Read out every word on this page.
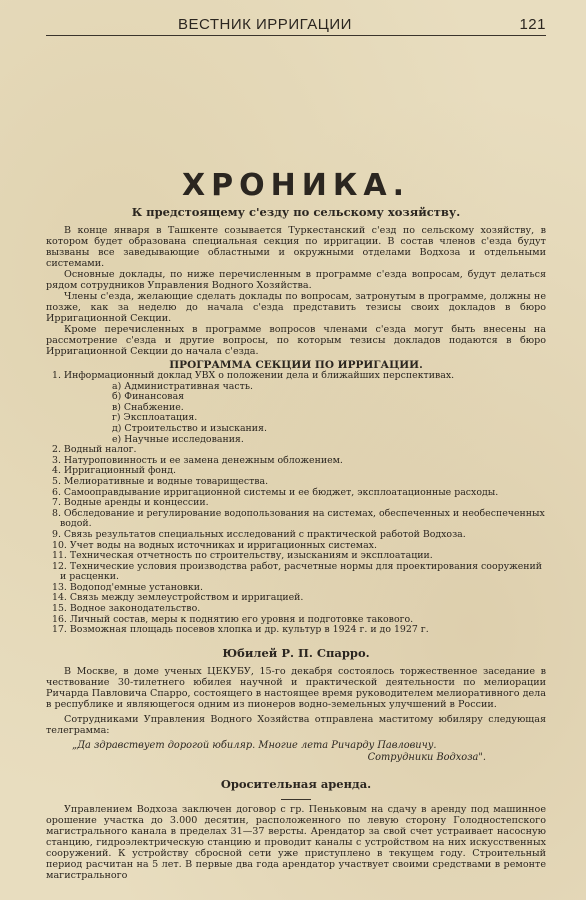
ВЕСТНИК ИРРИГАЦИИ	121
ХРОНИКА.
К предстоящему с'езду по сельскому хозяйству.

В конце января в Ташкенте созывается Туркестанский с'езд по сельскому хозяйству, в котором будет образована специальная секция по ирригации. В состав членов с'езда будут вызваны все заведывающие областными и окружными отделами Водхоза и отдельными системами.

Основные доклады, по ниже перечисленным в программе с'езда вопросам, будут делаться рядом сотрудников Управления Водного Хозяйства.

Члены с'езда, желающие сделать доклады по вопросам, затронутым в программе, должны не позже, как за неделю до начала с'езда представить тезисы своих докладов в бюро Ирригационной Секции.

Кроме перечисленных в программе вопросов членами с'езда могут быть внесены на рассмотрение с'езда и другие вопросы, по которым тезисы докладов подаются в бюро Ирригационной Секции до начала с'езда.

ПРОГРАММА СЕКЦИИ ПО ИРРИГАЦИИ.
1. Информационный доклад УВХ о положении дела и ближайших перспективах.
а) Административная часть.
б) Финансовая
в) Снабжение.
г) Эксплоатация.
д) Строительство и изыскания.
е) Научные исследования.
2. Водный налог.
3. Натуроповинность и ее замена денежным обложением.
4. Ирригационный фонд.
5. Мелиоративные и водные товарищества.
6. Самооправдывание ирригационной системы и ее бюджет, эксплоатационные расходы.
7. Водные аренды и концессии.
8. Обследование и регулирование водопользования на системах, обеспеченных и необеспеченных водой.
9. Связь результатов специальных исследований с практической работой Водхоза.
10. Учет воды на водных источниках и ирригационных системах.
11. Техническая отчетность по строительству, изысканиям и эксплоатации.
12. Технические условия производства работ, расчетные нормы для проектирования сооружений и расценки.
13. Водопод'емные установки.
14. Связь между землеустройством и ирригацией.
15. Водное законодательство.
16. Личный состав, меры к поднятию его уровня и подготовке такового.
17. Возможная площадь посевов хлопка и др. культур в 1924 г. и до 1927 г.
Юбилей Р. П. Спарро.

В Москве, в доме ученых ЦЕКУБУ, 15-го декабря состоялось торжественное заседание в чествование 30-тилетнего юбилея научной и практической деятельности по мелиорации Ричарда Павловича Спарро, состоящего в настоящее время руководителем мелиоративного дела в республике и являющегося одним из пионеров водно-земельных улучшений в России.

Сотрудниками Управления Водного Хозяйства отправлена маститому юбиляру следующая телеграмма:

„Да здравствует дорогой юбиляр. Многие лета Ричарду Павловичу.
Сотрудники Водхоза".
Оросительная аренда.

Управлением Водхоза заключен договор с гр. Пеньковым на сдачу в аренду под машинное орошение участка до 3.000 десятин, расположенного по левую сторону Голодностепского магистрального канала в пределах 31—37 версты. Арендатор за свой счет устраивает насосную станцию, гидроэлектрическую станцию и проводит каналы с устройством на них искусственных сооружений. К устройству сбросной сети уже приступлено в текущем году. Строительный период расчитан на 5 лет. В первые два года арендатор участвует своими средствами в ремонте магистрального
